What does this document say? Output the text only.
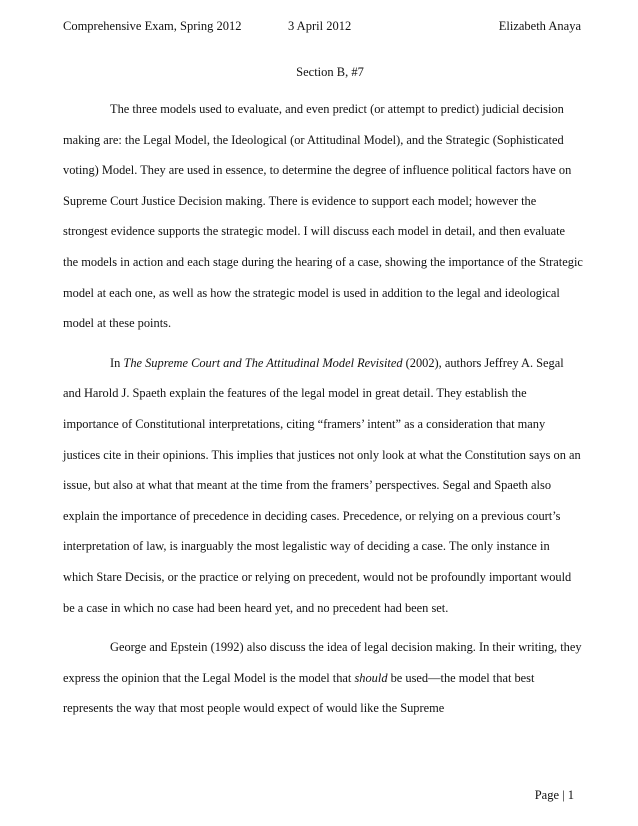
Comprehensive Exam, Spring 2012	3 April 2012	Elizabeth Anaya
Section B, #7

The three models used to evaluate, and even predict (or attempt to predict) judicial decision making are: the Legal Model, the Ideological (or Attitudinal Model), and the Strategic (Sophisticated voting) Model. They are used in essence, to determine the degree of influence political factors have on Supreme Court Justice Decision making. There is evidence to support each model; however the strongest evidence supports the strategic model. I will discuss each model in detail, and then evaluate the models in action and each stage during the hearing of a case, showing the importance of the Strategic model at each one, as well as how the strategic model is used in addition to the legal and ideological model at these points.

In The Supreme Court and The Attitudinal Model Revisited (2002), authors Jeffrey A. Segal and Harold J. Spaeth explain the features of the legal model in great detail. They establish the importance of Constitutional interpretations, citing “framers’ intent” as a consideration that many justices cite in their opinions. This implies that justices not only look at what the Constitution says on an issue, but also at what that meant at the time from the framers’ perspectives. Segal and Spaeth also explain the importance of precedence in deciding cases. Precedence, or relying on a previous court’s interpretation of law, is inarguably the most legalistic way of deciding a case. The only instance in which Stare Decisis, or the practice or relying on precedent, would not be profoundly important would be a case in which no case had been heard yet, and no precedent had been set.

George and Epstein (1992) also discuss the idea of legal decision making. In their writing, they express the opinion that the Legal Model is the model that should be used—the model that best represents the way that most people would expect of would like the Supreme

Page | 1
